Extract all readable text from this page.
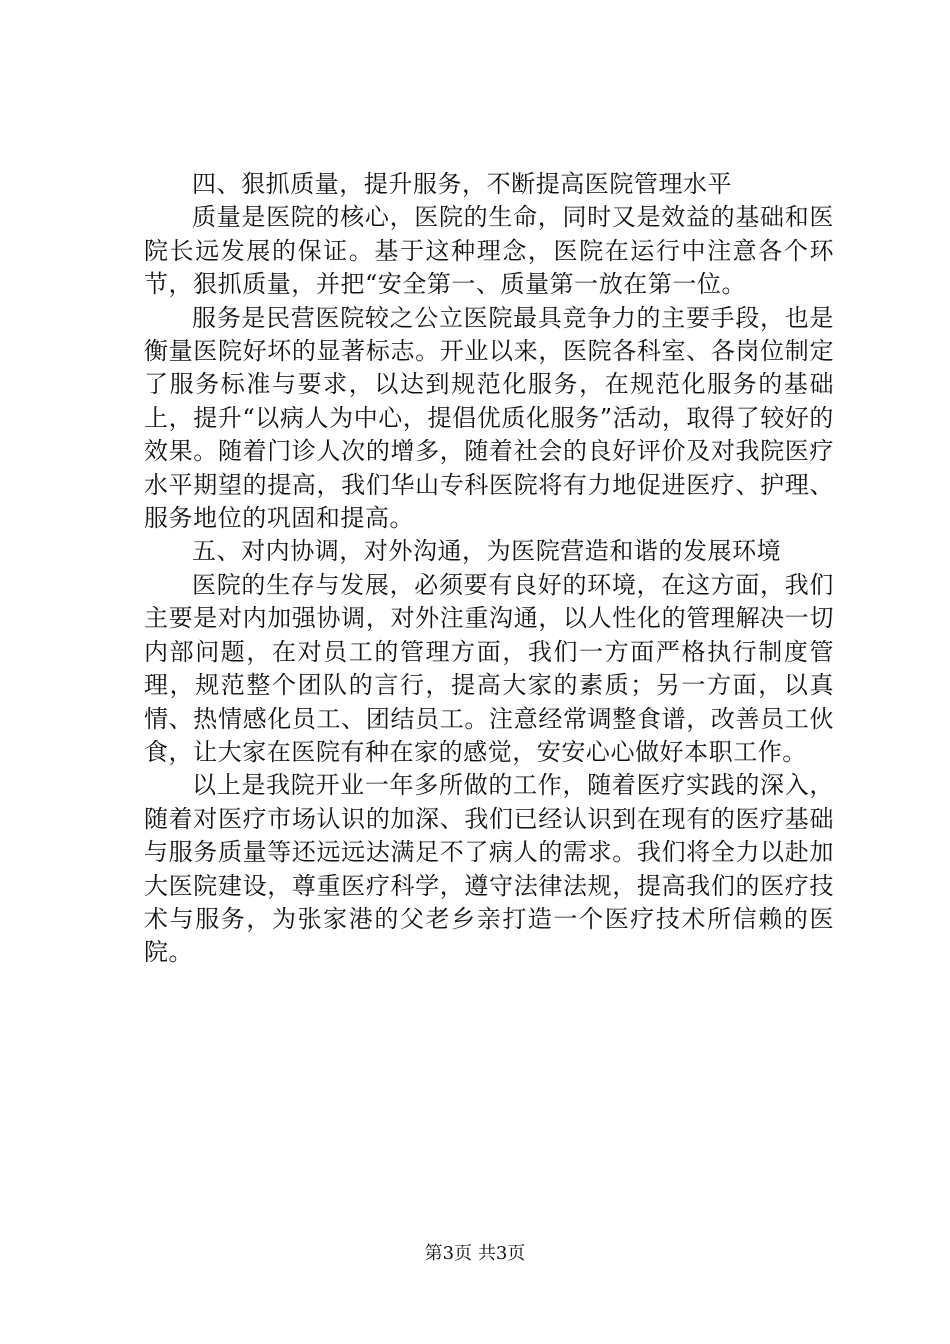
四、狠抓质量，提升服务，不断提高医院管理水平

质量是医院的核心，医院的生命，同时又是效益的基础和医院长远发展的保证。基于这种理念，医院在运行中注意各个环节，狠抓质量，并把“安全第一、质量第一放在第一位。

服务是民营医院较之公立医院最具竞争力的主要手段，也是衡量医院好坏的显著标志。开业以来，医院各科室、各岗位制定了服务标准与要求，以达到规范化服务，在规范化服务的基础上，提升“以病人为中心，提倡优质化服务”活动，取得了较好的效果。随着门诊人次的增多，随着社会的良好评价及对我院医疗水平期望的提高，我们华山专科医院将有力地促进医疗、护理、服务地位的巩固和提高。

五、对内协调，对外沟通，为医院营造和谐的发展环境

医院的生存与发展，必须要有良好的环境，在这方面，我们主要是对内加强协调，对外注重沟通，以人性化的管理解决一切内部问题，在对员工的管理方面，我们一方面严格执行制度管理，规范整个团队的言行，提高大家的素质；另一方面，以真情、热情感化员工、团结员工。注意经常调整食谱，改善员工伙食，让大家在医院有种在家的感觉，安安心心做好本职工作。

以上是我院开业一年多所做的工作，随着医疗实践的深入，随着对医疗市场认识的加深、我们已经认识到在现有的医疗基础与服务质量等还远远达满足不了病人的需求。我们将全力以赴加大医院建设，尊重医疗科学，遵守法律法规，提高我们的医疗技术与服务，为张家港的父老乡亲打造一个医疗技术所信赖的医院。

第3页 共3页
